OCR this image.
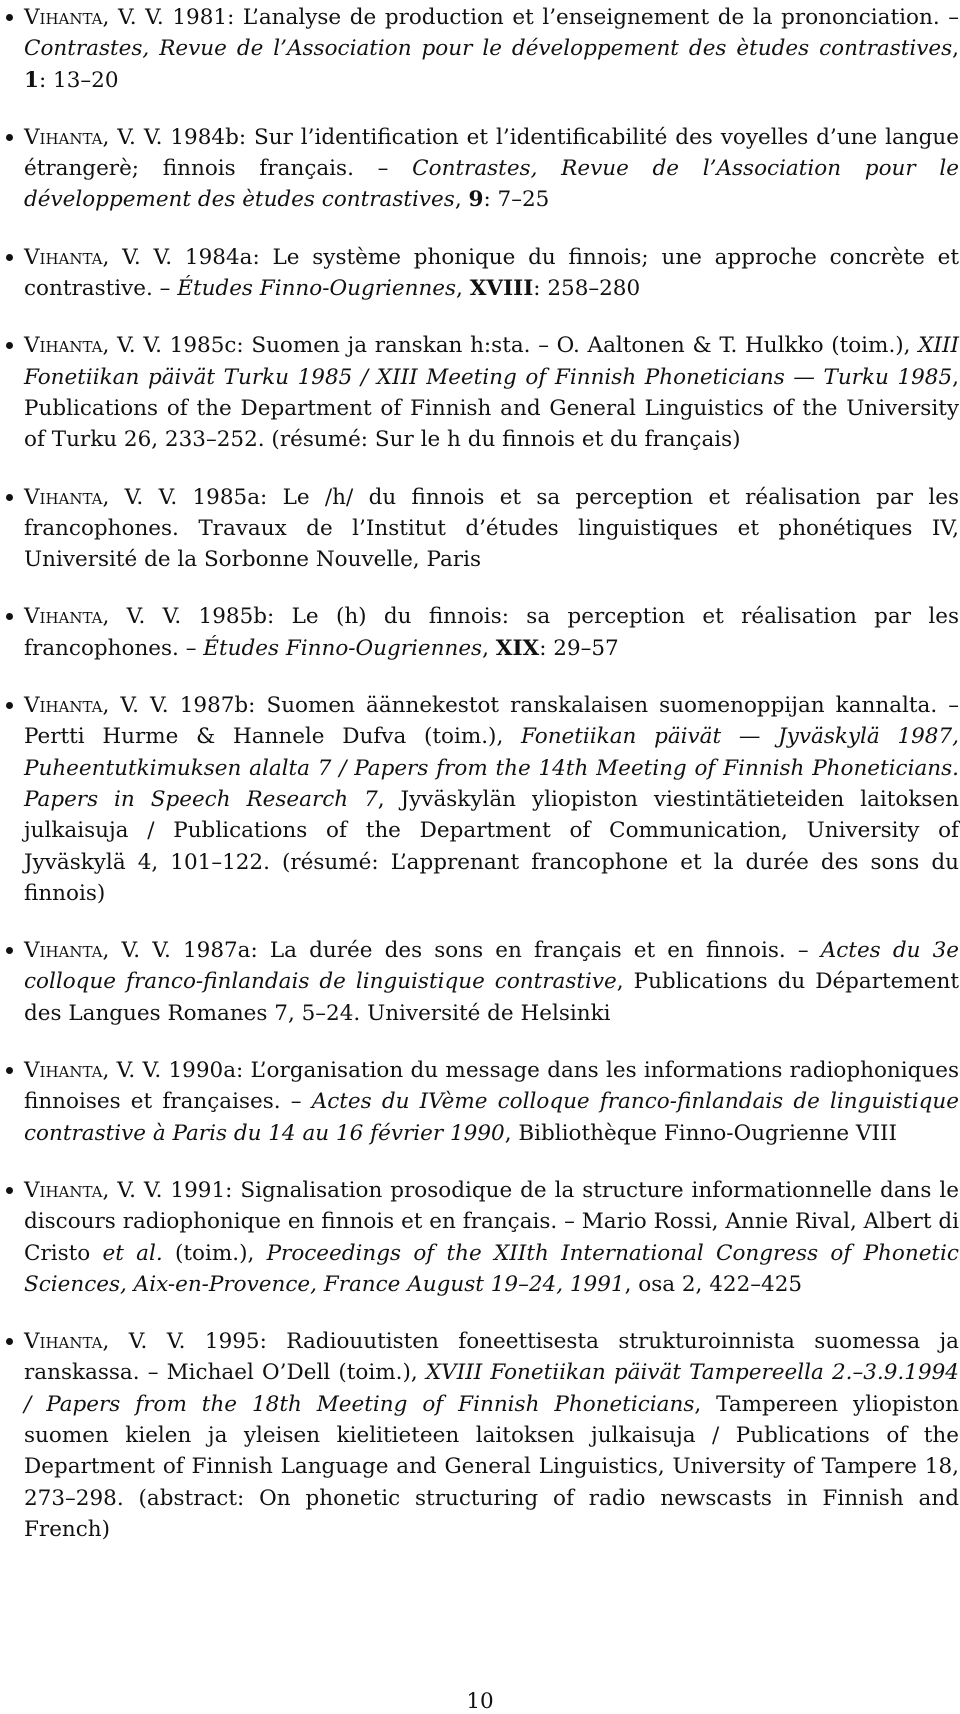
Vihanta, V. V. 1981: L’analyse de production et l’enseignement de la prononciation. – Contrastes, Revue de l’Association pour le développement des ètudes contrastives, 1: 13–20
Vihanta, V. V. 1984b: Sur l’identification et l’identificabilité des voyelles d’une langue étrangerè; finnois français. – Contrastes, Revue de l’Association pour le développement des ètudes contrastives, 9: 7–25
Vihanta, V. V. 1984a: Le système phonique du finnois; une approche concrète et contrastive. – Études Finno-Ougriennes, XVIII: 258–280
Vihanta, V. V. 1985c: Suomen ja ranskan h:sta. – O. Aaltonen & T. Hulkko (toim.), XIII Fonetiikan päivät Turku 1985 / XIII Meeting of Finnish Phoneticians — Turku 1985, Publications of the Department of Finnish and General Linguistics of the University of Turku 26, 233–252. (résumé: Sur le h du finnois et du français)
Vihanta, V. V. 1985a: Le /h/ du finnois et sa perception et réalisation par les francophones. Travaux de l’Institut d’études linguistiques et phonétiques IV, Université de la Sorbonne Nouvelle, Paris
Vihanta, V. V. 1985b: Le (h) du finnois: sa perception et réalisation par les francophones. – Études Finno-Ougriennes, XIX: 29–57
Vihanta, V. V. 1987b: Suomen äännekestot ranskalaisen suomenoppijan kannalta. – Pertti Hurme & Hannele Dufva (toim.), Fonetiikan päivät — Jyväskylä 1987, Puheentutkimuksen alalta 7 / Papers from the 14th Meeting of Finnish Phoneticians. Papers in Speech Research 7, Jyväskylän yliopiston viestintätieteiden laitoksen julkaisuja / Publications of the Department of Communication, University of Jyväskylä 4, 101–122. (résumé: L’apprenant francophone et la durée des sons du finnois)
Vihanta, V. V. 1987a: La durée des sons en français et en finnois. – Actes du 3e colloque franco-finlandais de linguistique contrastive, Publications du Département des Langues Romanes 7, 5–24. Université de Helsinki
Vihanta, V. V. 1990a: L’organisation du message dans les informations radiophoniques finnoises et françaises. – Actes du IVème colloque franco-finlandais de linguistique contrastive à Paris du 14 au 16 février 1990, Bibliothèque Finno-Ougrienne VIII
Vihanta, V. V. 1991: Signalisation prosodique de la structure informationnelle dans le discours radiophonique en finnois et en français. – Mario Rossi, Annie Rival, Albert di Cristo et al. (toim.), Proceedings of the XIIth International Congress of Phonetic Sciences, Aix-en-Provence, France August 19–24, 1991, osa 2, 422–425
Vihanta, V. V. 1995: Radiouutisten foneettisesta strukturoinnista suomessa ja ranskassa. – Michael O’Dell (toim.), XVIII Fonetiikan päivät Tampereella 2.–3.9.1994 / Papers from the 18th Meeting of Finnish Phoneticians, Tampereen yliopiston suomen kielen ja yleisen kielitieteen laitoksen julkaisuja / Publications of the Department of Finnish Language and General Linguistics, University of Tampere 18, 273–298. (abstract: On phonetic structuring of radio newscasts in Finnish and French)
10
